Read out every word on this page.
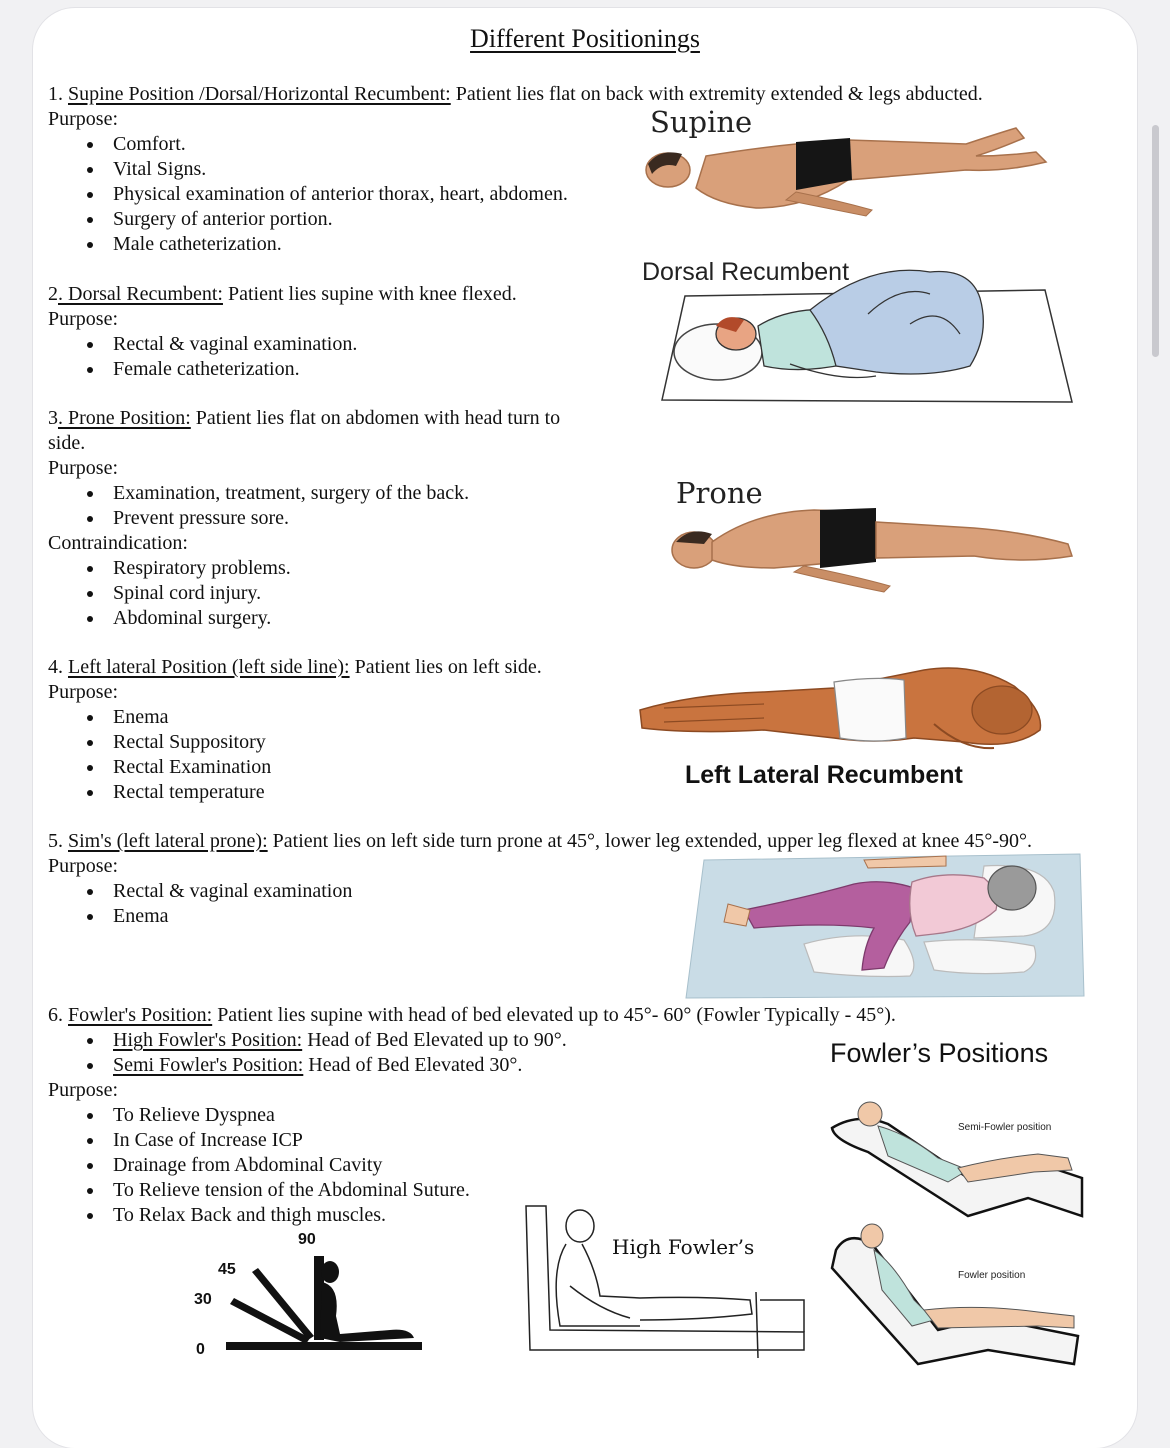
Different Positionings
1. Supine Position /Dorsal/Horizontal Recumbent: Patient lies flat on back with extremity extended & legs abducted.
Purpose:
Comfort.
Vital Signs.
Physical examination of anterior thorax, heart, abdomen.
Surgery of anterior portion.
Male catheterization.
2. Dorsal Recumbent: Patient lies supine with knee flexed.
Purpose:
Rectal & vaginal examination.
Female catheterization.
3. Prone Position: Patient lies flat on abdomen with head turn to
side.
Purpose:
Examination, treatment, surgery of the back.
Prevent pressure sore.
Contraindication:
Respiratory problems.
Spinal cord injury.
Abdominal surgery.
4. Left lateral Position (left side line): Patient lies on left side.
Purpose:
Enema
Rectal Suppository
Rectal Examination
Rectal temperature
5. Sim's (left lateral prone): Patient lies on left side turn prone at 45°, lower leg extended, upper leg flexed at knee 45°-90°.
Purpose:
Rectal & vaginal examination
Enema
6. Fowler's Position: Patient lies supine with head of bed elevated up to 45°- 60° (Fowler Typically - 45°).
High Fowler's Position: Head of Bed Elevated up to 90°.
Semi Fowler's Position: Head of Bed Elevated 30°.
Purpose:
To Relieve Dyspnea
In Case of Increase ICP
Drainage from Abdominal Cavity
To Relieve tension of the Abdominal Suture.
To Relax Back and thigh muscles.
Supine
Dorsal Recumbent
Prone
Left Lateral Recumbent
Fowler’s Positions
Semi-Fowler position
Fowler position
High Fowler’s
90
45
30
0
